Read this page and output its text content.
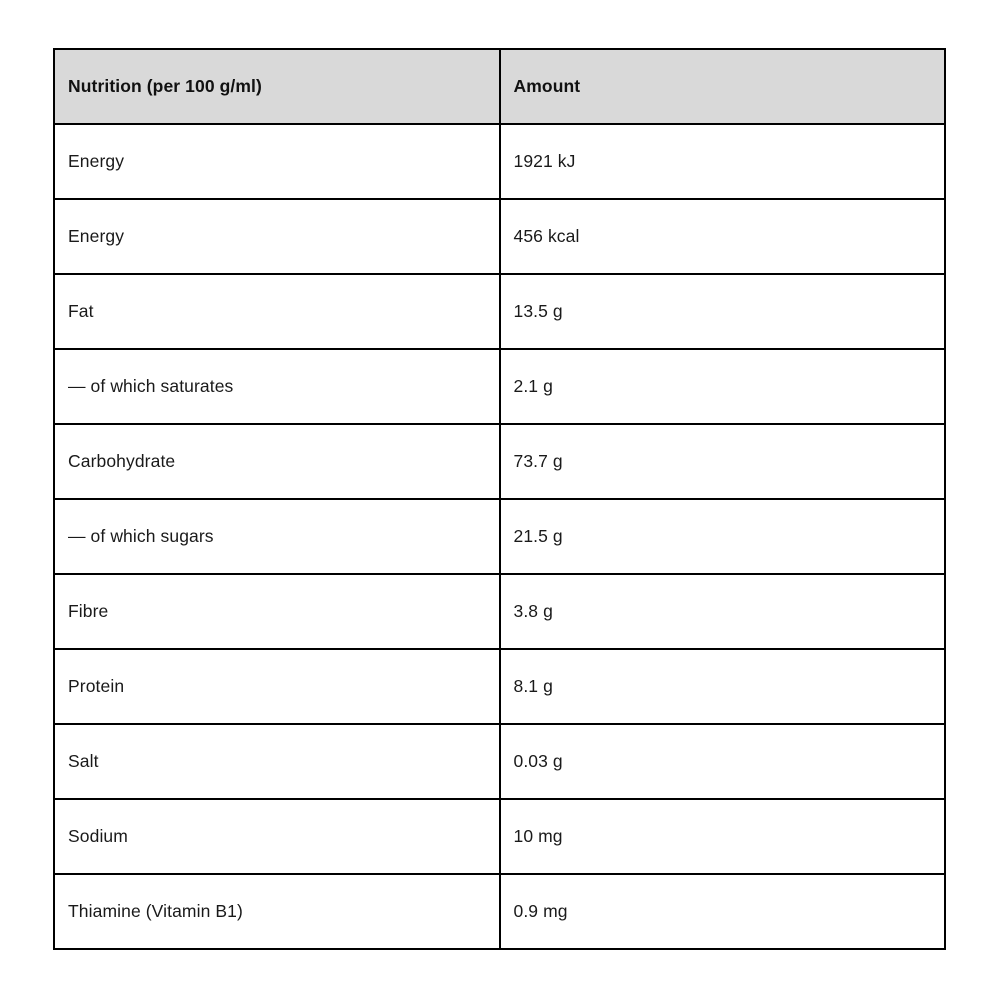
Nutrition (per 100 g/ml)	Amount
Energy	1921 kJ
Energy	456 kcal
Fat	13.5 g
— of which saturates	2.1 g
Carbohydrate	73.7 g
— of which sugars	21.5 g
Fibre	3.8 g
Protein	8.1 g
Salt	0.03 g
Sodium	10 mg
Thiamine (Vitamin B1)	0.9 mg
